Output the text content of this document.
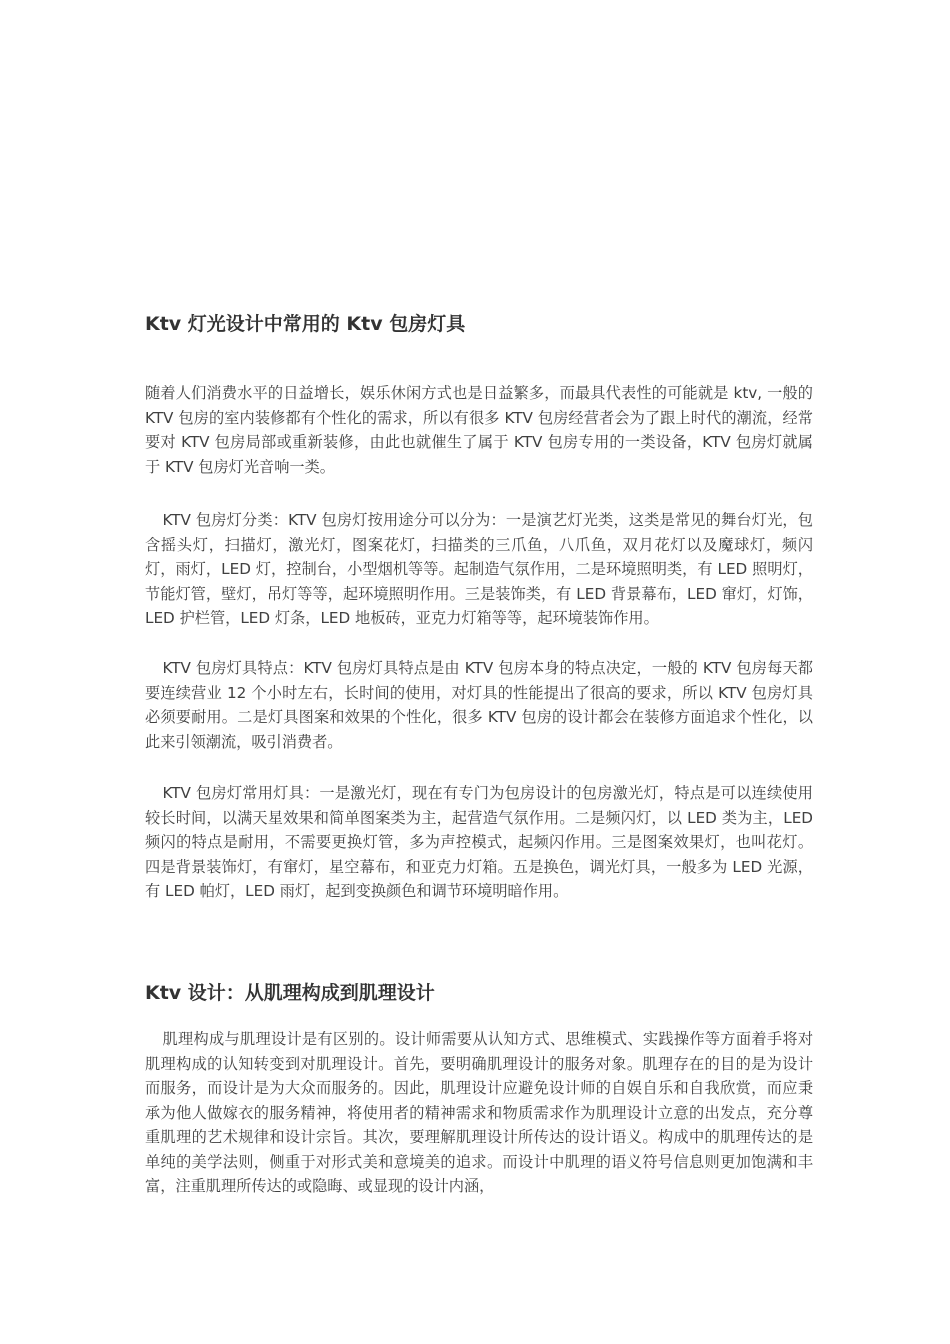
Ktv 灯光设计中常用的 Ktv 包房灯具

随着人们消费水平的日益增长，娱乐休闲方式也是日益繁多，而最具代表性的可能就是 ktv, 一般的 KTV 包房的室内装修都有个性化的需求，所以有很多 KTV 包房经营者会为了跟上时代的潮流，经常要对 KTV 包房局部或重新装修，由此也就催生了属于 KTV 包房专用的一类设备，KTV 包房灯就属于 KTV 包房灯光音响一类。

KTV 包房灯分类：KTV 包房灯按用途分可以分为：一是演艺灯光类，这类是常见的舞台灯光，包含摇头灯，扫描灯，激光灯，图案花灯，扫描类的三爪鱼，八爪鱼，双月花灯以及魔球灯，频闪灯，雨灯，LED 灯，控制台，小型烟机等等。起制造气氛作用，二是环境照明类，有 LED 照明灯，节能灯管，壁灯，吊灯等等，起环境照明作用。三是装饰类，有 LED 背景幕布，LED 窜灯，灯饰，LED 护栏管，LED 灯条，LED 地板砖，亚克力灯箱等等，起环境装饰作用。

KTV 包房灯具特点：KTV 包房灯具特点是由 KTV 包房本身的特点决定，一般的 KTV 包房每天都要连续营业 12 个小时左右，长时间的使用，对灯具的性能提出了很高的要求，所以 KTV 包房灯具必须要耐用。二是灯具图案和效果的个性化，很多 KTV 包房的设计都会在装修方面追求个性化，以此来引领潮流，吸引消费者。

KTV 包房灯常用灯具：一是激光灯，现在有专门为包房设计的包房激光灯，特点是可以连续使用较长时间，以满天星效果和简单图案类为主，起营造气氛作用。二是频闪灯，以 LED 类为主，LED 频闪的特点是耐用，不需要更换灯管，多为声控模式，起频闪作用。三是图案效果灯，也叫花灯。四是背景装饰灯，有窜灯，星空幕布，和亚克力灯箱。五是换色，调光灯具，一般多为 LED 光源，有 LED 帕灯，LED 雨灯，起到变换颜色和调节环境明暗作用。

Ktv 设计：从肌理构成到肌理设计

肌理构成与肌理设计是有区别的。设计师需要从认知方式、思维模式、实践操作等方面着手将对肌理构成的认知转变到对肌理设计。首先，要明确肌理设计的服务对象。肌理存在的目的是为设计而服务，而设计是为大众而服务的。因此，肌理设计应避免设计师的自娱自乐和自我欣赏，而应秉承为他人做嫁衣的服务精神，将使用者的精神需求和物质需求作为肌理设计立意的出发点，充分尊重肌理的艺术规律和设计宗旨。其次，要理解肌理设计所传达的设计语义。构成中的肌理传达的是单纯的美学法则，侧重于对形式美和意境美的追求。而设计中肌理的语义符号信息则更加饱满和丰富，注重肌理所传达的或隐晦、或显现的设计内涵，
